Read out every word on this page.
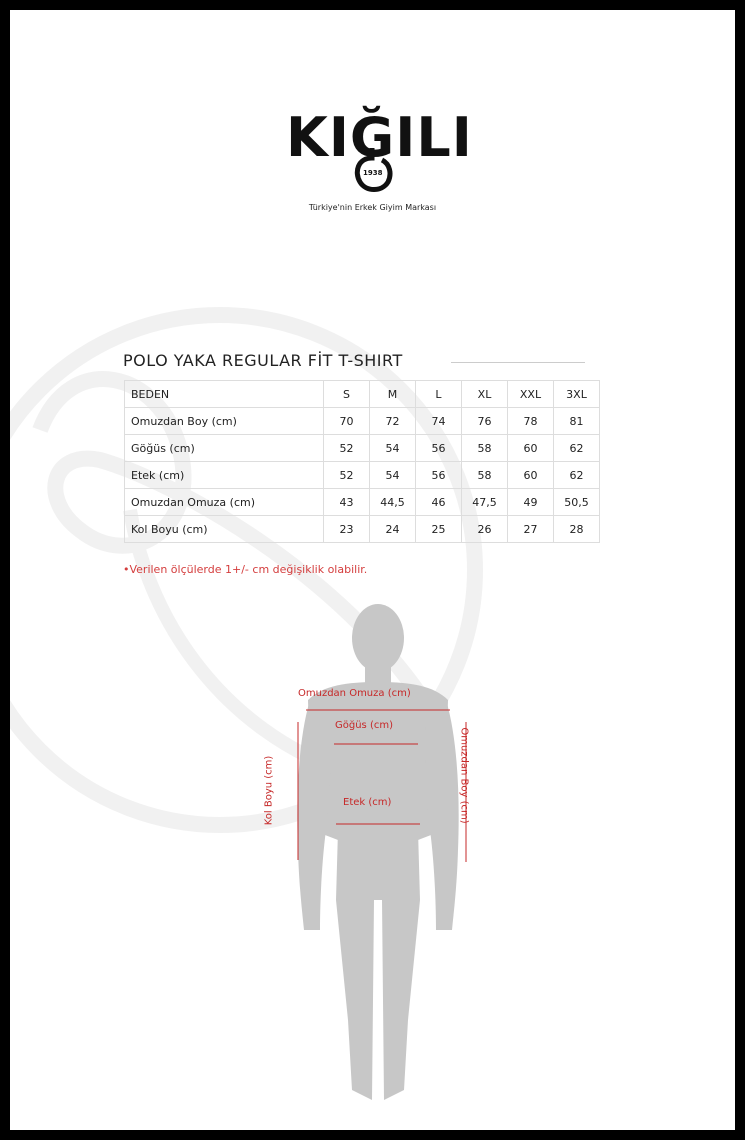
KIĞILI
1938
Türkiye'nin Erkek Giyim Markası
POLO YAKA REGULAR FİT T-SHIRT
BEDEN	S	M	L	XL	XXL	3XL
Omuzdan Boy (cm)	70	72	74	76	78	81
Göğüs (cm)	52	54	56	58	60	62
Etek (cm)	52	54	56	58	60	62
Omuzdan Omuza (cm)	43	44,5	46	47,5	49	50,5
Kol Boyu (cm)	23	24	25	26	27	28
•Verilen ölçülerde 1+/- cm değişiklik olabilir.
Omuzdan Omuza (cm)
Göğüs (cm)
Etek (cm)
Kol Boyu (cm)	Omuzdan Boy (cm)
